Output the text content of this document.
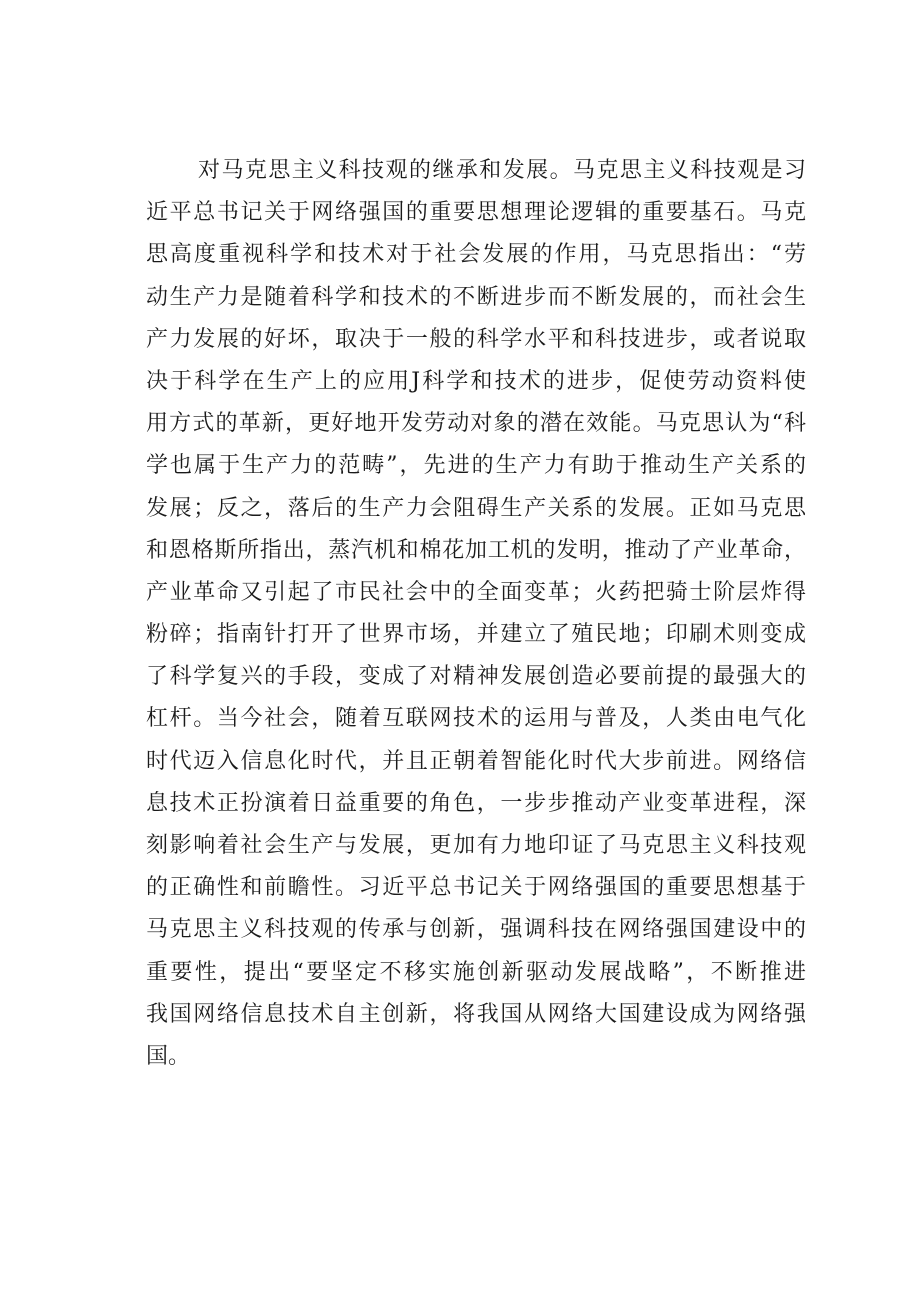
对马克思主义科技观的继承和发展。马克思主义科技观是习
近平总书记关于网络强国的重要思想理论逻辑的重要基石。马克
思高度重视科学和技术对于社会发展的作用，马克思指出：“劳
动生产力是随着科学和技术的不断进步而不断发展的，而社会生
产力发展的好坏，取决于一般的科学水平和科技进步，或者说取
决于科学在生产上的应用J科学和技术的进步，促使劳动资料使
用方式的革新，更好地开发劳动对象的潜在效能。马克思认为“科
学也属于生产力的范畴”，先进的生产力有助于推动生产关系的
发展；反之，落后的生产力会阻碍生产关系的发展。正如马克思
和恩格斯所指出，蒸汽机和棉花加工机的发明，推动了产业革命，
产业革命又引起了市民社会中的全面变革；火药把骑士阶层炸得
粉碎；指南针打开了世界市场，并建立了殖民地；印刷术则变成
了科学复兴的手段，变成了对精神发展创造必要前提的最强大的
杠杆。当今社会，随着互联网技术的运用与普及，人类由电气化
时代迈入信息化时代，并且正朝着智能化时代大步前进。网络信
息技术正扮演着日益重要的角色，一步步推动产业变革进程，深
刻影响着社会生产与发展，更加有力地印证了马克思主义科技观
的正确性和前瞻性。习近平总书记关于网络强国的重要思想基于
马克思主义科技观的传承与创新，强调科技在网络强国建设中的
重要性，提出“要坚定不移实施创新驱动发展战略”，不断推进
我国网络信息技术自主创新，将我国从网络大国建设成为网络强
国。
